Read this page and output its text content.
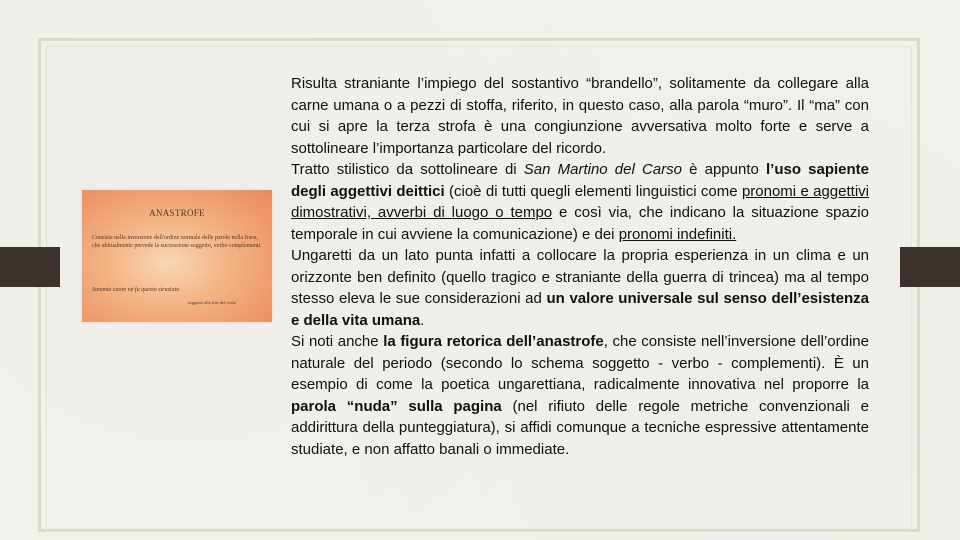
ANASTROFE
Consiste nella inversione dell'ordine normale delle parole nella frase, che abitualmente prevede la successione soggetto, verbo complementi
Sonante cuore né fu questo straziato
soggetto alla fine del verso

Risulta straniante l’impiego del sostantivo “brandello”, solitamente da collegare alla carne umana o a pezzi di stoffa, riferito, in questo caso, alla parola “muro”. Il “ma” con cui si apre la terza strofa è una congiunzione avversativa molto forte e serve a sottolineare l’importanza particolare del ricordo.

Tratto stilistico da sottolineare di San Martino del Carso è appunto l’uso sapiente degli aggettivi deittici (cioè di tutti quegli elementi linguistici come pronomi e aggettivi dimostrativi, avverbi di luogo o tempo e così via, che indicano la situazione spazio temporale in cui avviene la comunicazione) e dei pronomi indefiniti.

Ungaretti da un lato punta infatti a collocare la propria esperienza in un clima e un orizzonte ben definito (quello tragico e straniante della guerra di trincea) ma al tempo stesso eleva le sue considerazioni ad un valore universale sul senso dell’esistenza e della vita umana.

Si noti anche la figura retorica dell’anastrofe, che consiste nell’inversione dell’ordine naturale del periodo (secondo lo schema soggetto - verbo - complementi). È un esempio di come la poetica ungarettiana, radicalmente innovativa nel proporre la parola “nuda” sulla pagina (nel rifiuto delle regole metriche convenzionali e addirittura della punteggiatura), si affidi comunque a tecniche espressive attentamente studiate, e non affatto banali o immediate.
